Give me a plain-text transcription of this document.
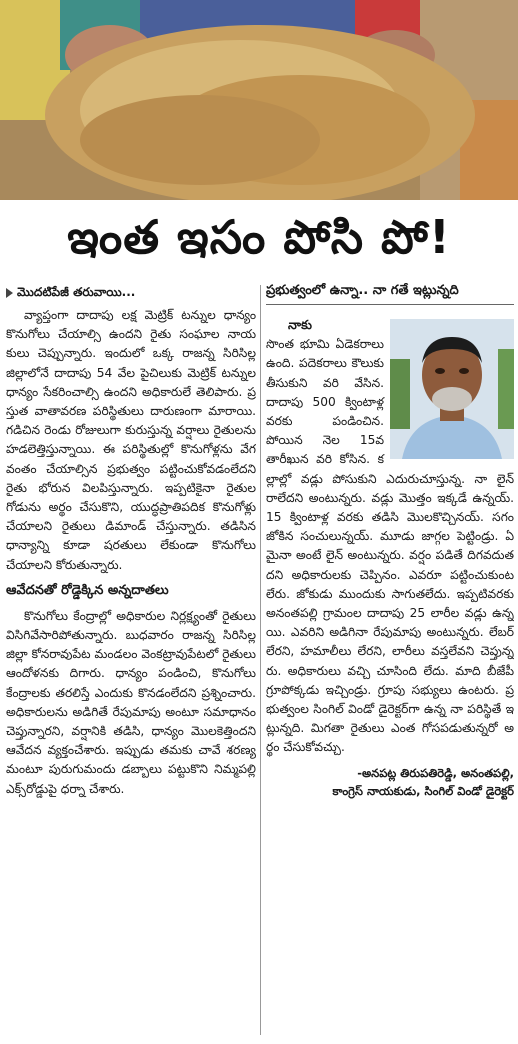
ఇంత ఇసం పోసి పో!
మొదటిపేజీ తరువాయి...

వ్యాప్తంగా దాదాపు లక్ష మెట్రిక్ టన్నుల ధాన్యం కొనుగోలు చేయాల్సి ఉందని రైతు సంఘాల నాయకులు చెప్పున్నారు. ఇందులో ఒక్క రాజన్న సిరిసిల్ల జిల్లాలోనే దాదాపు 54 వేల పైచిలుకు మెట్రిక్ టన్నుల ధాన్యం సేకరించాల్సి ఉందని అధికారులే తెలిపారు. ప్రస్తుత వాతావరణ పరిస్థితులు దారుణంగా మారాయి. గడిచిన రెండు రోజులుగా కురుస్తున్న వర్షాలు రైతులను హడలెత్తిస్తున్నాయి. ఈ పరిస్థితుల్లో కొనుగోళ్లను వేగవంతం చేయాల్సిన ప్రభుత్వం పట్టించుకోవడంలేదని రైతు భోరున విలపిస్తున్నారు. ఇప్పటికైనా రైతుల గోడును అర్థం చేసుకొని, యుద్ధప్రాతిపదిక కొనుగోళ్లు చేయాలని రైతులు డిమాండ్ చేస్తున్నారు. తడిసిన ధాన్యాన్ని కూడా షరతులు లేకుండా కొనుగోలు చేయాలని కోరుతున్నారు.

ఆవేదనతో రోడ్డెక్కిన అన్నదాతలు

కొనుగోలు కేంద్రాల్లో అధికారుల నిర్లక్ష్యంతో రైతులు విసిగివేసారిపోతున్నారు. బుధవారం రాజన్న సిరిసిల్ల జిల్లా కోనరావుపేట మండలం వెంకట్రావుపేటలో రైతులు ఆందోళనకు దిగారు. ధాన్యం పండించి, కొనుగోలు కేంద్రాలకు తరలిస్తే ఎందుకు కొనడంలేదని ప్రశ్నించారు. అధికారులను అడిగితే రేపుమాపు అంటూ సమాధానం చెప్తున్నారని, వర్షానికి తడిసి, ధాన్యం మొలకెత్తిందని ఆవేదన వ్యక్తంచేశారు. ఇప్పుడు తమకు చావే శరణ్యమంటూ పురుగుమందు డబ్బాలు పట్టుకొని నిమ్మపల్లి ఎక్స్‌రోడ్డుపై ధర్నా చేశారు.

ప్రభుత్వంలో ఉన్నా.. నా గతే ఇట్లున్నది

నాకు
సొంత భూమి ఏడెకరాలు ఉంది. పదెకరాలు కౌలుకు తీసుకుని వరి వేసిన. దాదాపు 500 క్వింటాళ్ల వరకు పండించిన. పోయిన నెల 15వ తారీఖున వరి కోసిన. కల్లాల్లో వడ్లు పోసుకుని ఎదురుచూస్తున్న. నా లైన్ రాలేదని అంటున్నరు. వడ్లు మొత్తం ఇక్కడే ఉన్నయ్. 15 క్వింటాళ్ల వరకు తడిసి మొలకొచ్చినయ్. సగం జోకిన సంచులున్నయ్. మూడు జాగ్గల పెట్టిండ్రు. ఏమైనా అంటే లైన్ అంటున్నరు. వర్షం పడితే దిగవదుతదని అధికారులకు చెప్పినం. ఎవరూ పట్టించుకుంటలేరు. జోకుడు ముందుకు సాగుతలేదు. ఇప్పటివరకు అనంతపల్లి గ్రామంల దాదాపు 25 లారీల వడ్లు ఉన్నయి. ఎవరిని అడిగినా రేపుమాపు అంటున్నరు. లేబర్ లేరని, హమాలీలు లేరని, లారీలు వస్తలేవని చెప్తున్నరు. అధికారులు వచ్చి చూసింది లేదు. మాది బీజేపీ గ్రూపోక్కడు ఇచ్చిండ్రు. గ్రూపు సభ్యులు ఉంటరు. ప్రభుత్వంల సింగిల్ విండో డైరెక్టర్‌గా ఉన్న నా పరిస్థితే ఇట్లున్నది. మిగతా రైతులు ఎంత గోసపడుతున్నరో అర్థం చేసుకోవచ్చు.

-అనపట్ల తిరుపతిరెడ్డి, అనంతపల్లి,
కాంగ్రెస్ నాయకుడు, సింగిల్ విండో డైరెక్టర్
